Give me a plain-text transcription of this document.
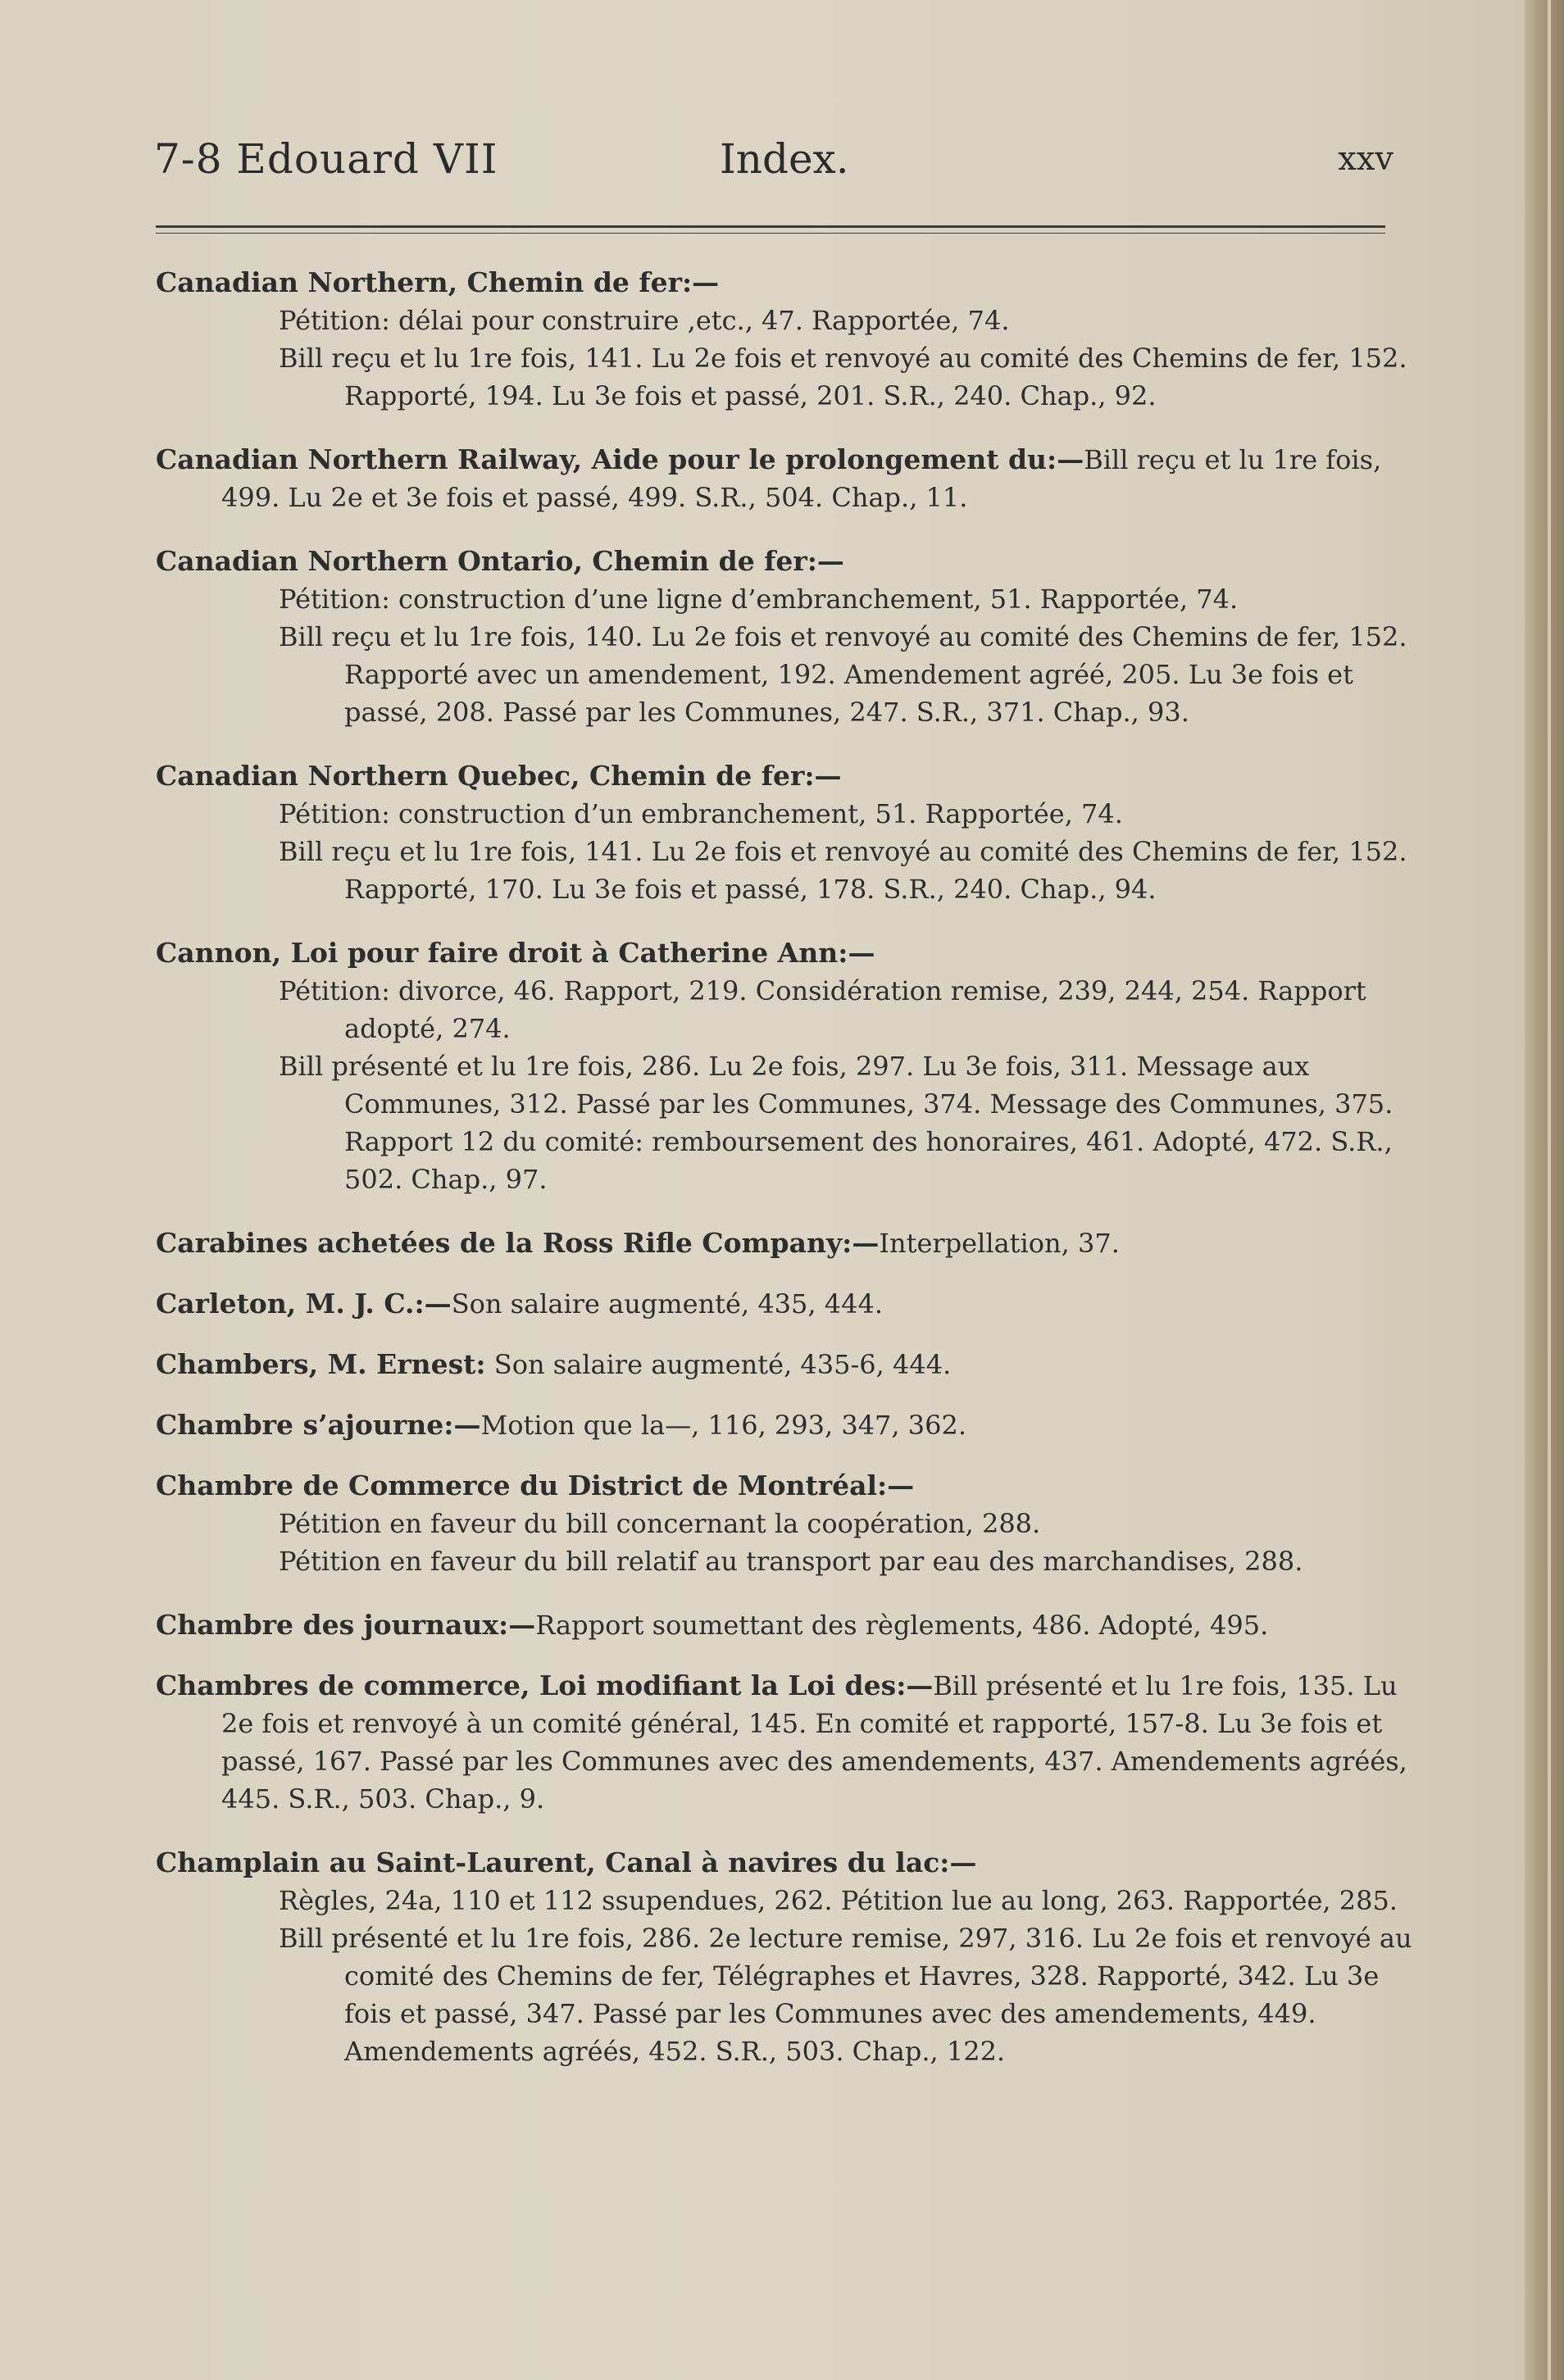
7-8 Edouard VII	Index.	xxv
Canadian Northern, Chemin de fer:—
Pétition: délai pour construire ,etc., 47. Rapportée, 74.
Bill reçu et lu 1re fois, 141. Lu 2e fois et renvoyé au comité des Chemins de fer, 152. Rapporté, 194. Lu 3e fois et passé, 201. S.R., 240. Chap., 92.
Canadian Northern Railway, Aide pour le prolongement du:—Bill reçu et lu 1re fois, 499. Lu 2e et 3e fois et passé, 499. S.R., 504. Chap., 11.
Canadian Northern Ontario, Chemin de fer:—
Pétition: construction d’une ligne d’embranchement, 51. Rapportée, 74.
Bill reçu et lu 1re fois, 140. Lu 2e fois et renvoyé au comité des Chemins de fer, 152. Rapporté avec un amendement, 192. Amendement agréé, 205. Lu 3e fois et passé, 208. Passé par les Communes, 247. S.R., 371. Chap., 93.
Canadian Northern Quebec, Chemin de fer:—
Pétition: construction d’un embranchement, 51. Rapportée, 74.
Bill reçu et lu 1re fois, 141. Lu 2e fois et renvoyé au comité des Chemins de fer, 152. Rapporté, 170. Lu 3e fois et passé, 178. S.R., 240. Chap., 94.
Cannon, Loi pour faire droit à Catherine Ann:—
Pétition: divorce, 46. Rapport, 219. Considération remise, 239, 244, 254. Rapport adopté, 274.
Bill présenté et lu 1re fois, 286. Lu 2e fois, 297. Lu 3e fois, 311. Message aux Communes, 312. Passé par les Communes, 374. Message des Communes, 375. Rapport 12 du comité: remboursement des honoraires, 461. Adopté, 472. S.R., 502. Chap., 97.
Carabines achetées de la Ross Rifle Company:—Interpellation, 37.
Carleton, M. J. C.:—Son salaire augmenté, 435, 444.
Chambers, M. Ernest: Son salaire augmenté, 435-6, 444.
Chambre s’ajourne:—Motion que la—, 116, 293, 347, 362.
Chambre de Commerce du District de Montréal:—
Pétition en faveur du bill concernant la coopération, 288.
Pétition en faveur du bill relatif au transport par eau des marchandises, 288.
Chambre des journaux:—Rapport soumettant des règlements, 486. Adopté, 495.
Chambres de commerce, Loi modifiant la Loi des:—Bill présenté et lu 1re fois, 135. Lu 2e fois et renvoyé à un comité général, 145. En comité et rapporté, 157-8. Lu 3e fois et passé, 167. Passé par les Communes avec des amendements, 437. Amendements agréés, 445. S.R., 503. Chap., 9.
Champlain au Saint-Laurent, Canal à navires du lac:—
Règles, 24a, 110 et 112 ssupendues, 262. Pétition lue au long, 263. Rapportée, 285.
Bill présenté et lu 1re fois, 286. 2e lecture remise, 297, 316. Lu 2e fois et renvoyé au comité des Chemins de fer, Télégraphes et Havres, 328. Rapporté, 342. Lu 3e fois et passé, 347. Passé par les Communes avec des amendements, 449. Amendements agréés, 452. S.R., 503. Chap., 122.
